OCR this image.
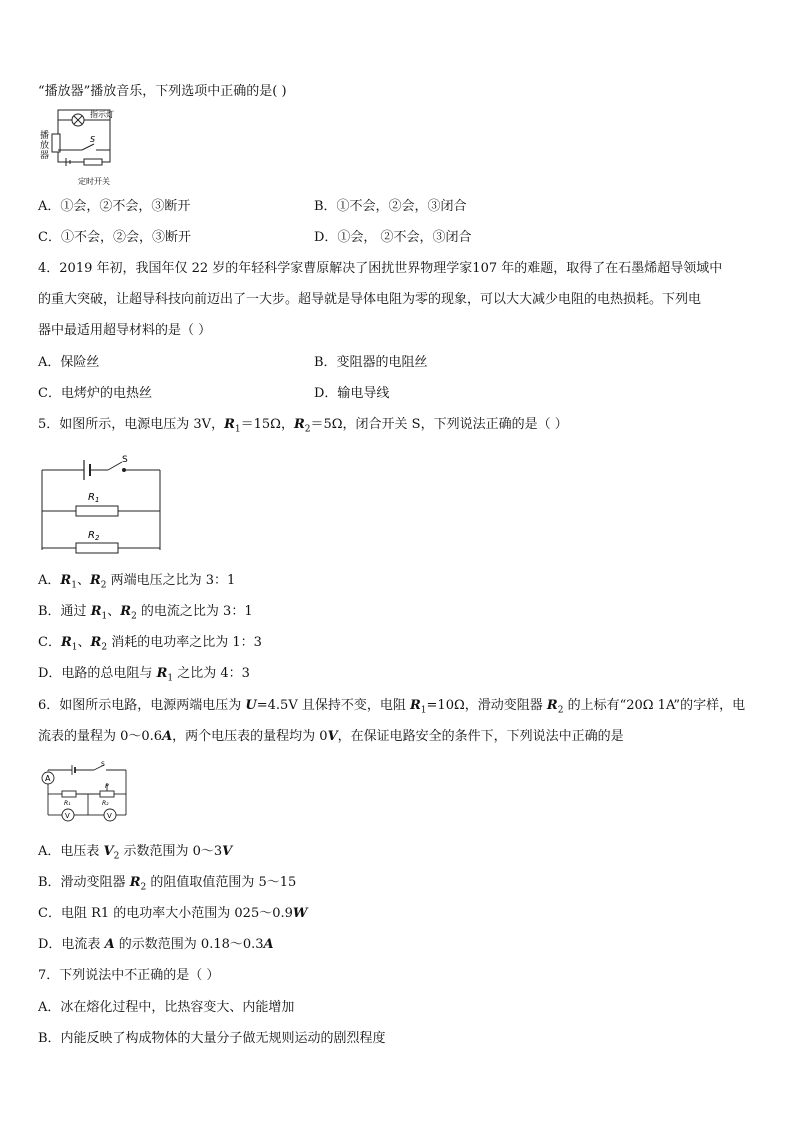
“播放器”播放音乐，下列选项中正确的是( )
指示灯
S
定时开关
播放器
A．①会，②不会，③断开	B．①不会，②会，③闭合
C．①不会，②会，③断开	D．①会， ②不会，③闭合
4．2019 年初，我国年仅 22 岁的年轻科学家曹原解决了困扰世界物理学家107 年的难题，取得了在石墨烯超导领域中
的重大突破，让超导科技向前迈出了一大步。超导就是导体电阻为零的现象，可以大大减少电阻的电热损耗。下列电
器中最适用超导材料的是（ ）
A．保险丝	B．变阻器的电阻丝
C．电烤炉的电热丝	D．输电导线
5．如图所示，电源电压为 3V，$R_1=15\Omega$，$R_2=5\Omega$，闭合开关 S，下列说法正确的是（ ）
S
$R_1$
$R_2$
A．$R_1$、$R_2$ 两端电压之比为 3：1
B．通过 $R_1$、$R_2$ 的电流之比为 3：1
C．$R_1$、$R_2$ 消耗的电功率之比为 1：3
D．电路的总电阻与 $R_1$ 之比为 4：3
6．如图所示电路，电源两端电压为 U=4.5V 且保持不变，电阻 $R_1=10\Omega$，滑动变阻器 $R_2$ 的上标有“20Ω 1A”的字样，电
流表的量程为 0～0.6A，两个电压表的量程均为 0V，在保证电路安全的条件下，下列说法中正确的是
A
S
R₁
P
R₂
V	V
A．电压表 $V_2$ 示数范围为 0～3V
B．滑动变阻器 $R_2$ 的阻值取值范围为 5～15
C．电阻 R1 的电功率大小范围为 025～0.9W
D．电流表 A 的示数范围为 0.18～0.3A
7．下列说法中不正确的是（ ）
A．冰在熔化过程中，比热容变大、内能增加
B．内能反映了构成物体的大量分子做无规则运动的剧烈程度
